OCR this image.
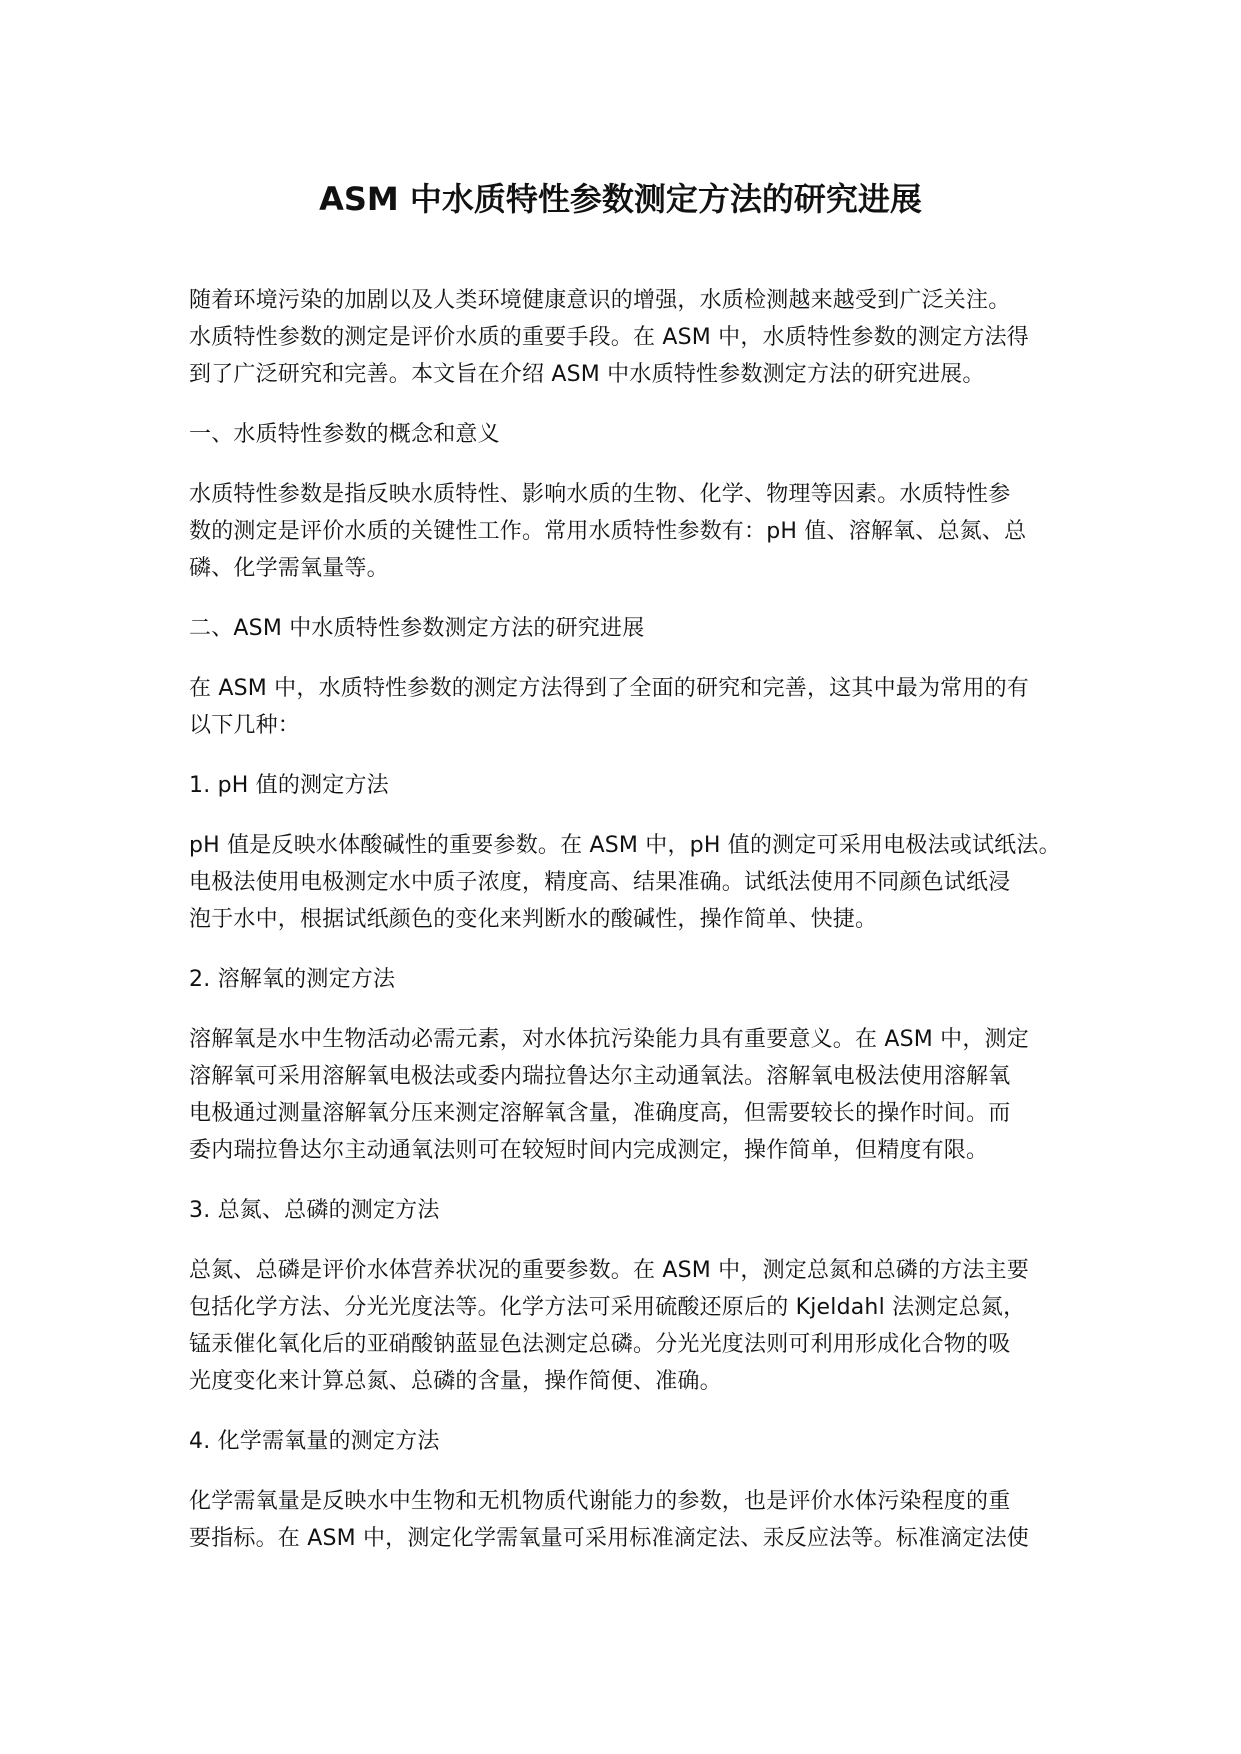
ASM 中水质特性参数测定方法的研究进展

随着环境污染的加剧以及人类环境健康意识的增强，水质检测越来越受到广泛关注。
水质特性参数的测定是评价水质的重要手段。在 ASM 中，水质特性参数的测定方法得
到了广泛研究和完善。本文旨在介绍 ASM 中水质特性参数测定方法的研究进展。

一、水质特性参数的概念和意义

水质特性参数是指反映水质特性、影响水质的生物、化学、物理等因素。水质特性参
数的测定是评价水质的关键性工作。常用水质特性参数有：pH 值、溶解氧、总氮、总
磷、化学需氧量等。

二、ASM 中水质特性参数测定方法的研究进展

在 ASM 中，水质特性参数的测定方法得到了全面的研究和完善，这其中最为常用的有
以下几种：

1. pH 值的测定方法

pH 值是反映水体酸碱性的重要参数。在 ASM 中，pH 值的测定可采用电极法或试纸法。
电极法使用电极测定水中质子浓度，精度高、结果准确。试纸法使用不同颜色试纸浸
泡于水中，根据试纸颜色的变化来判断水的酸碱性，操作简单、快捷。

2. 溶解氧的测定方法

溶解氧是水中生物活动必需元素，对水体抗污染能力具有重要意义。在 ASM 中，测定
溶解氧可采用溶解氧电极法或委内瑞拉鲁达尔主动通氧法。溶解氧电极法使用溶解氧
电极通过测量溶解氧分压来测定溶解氧含量，准确度高，但需要较长的操作时间。而
委内瑞拉鲁达尔主动通氧法则可在较短时间内完成测定，操作简单，但精度有限。

3. 总氮、总磷的测定方法

总氮、总磷是评价水体营养状况的重要参数。在 ASM 中，测定总氮和总磷的方法主要
包括化学方法、分光光度法等。化学方法可采用硫酸还原后的 Kjeldahl 法测定总氮，
锰汞催化氧化后的亚硝酸钠蓝显色法测定总磷。分光光度法则可利用形成化合物的吸
光度变化来计算总氮、总磷的含量，操作简便、准确。

4. 化学需氧量的测定方法

化学需氧量是反映水中生物和无机物质代谢能力的参数，也是评价水体污染程度的重
要指标。在 ASM 中，测定化学需氧量可采用标准滴定法、汞反应法等。标准滴定法使
